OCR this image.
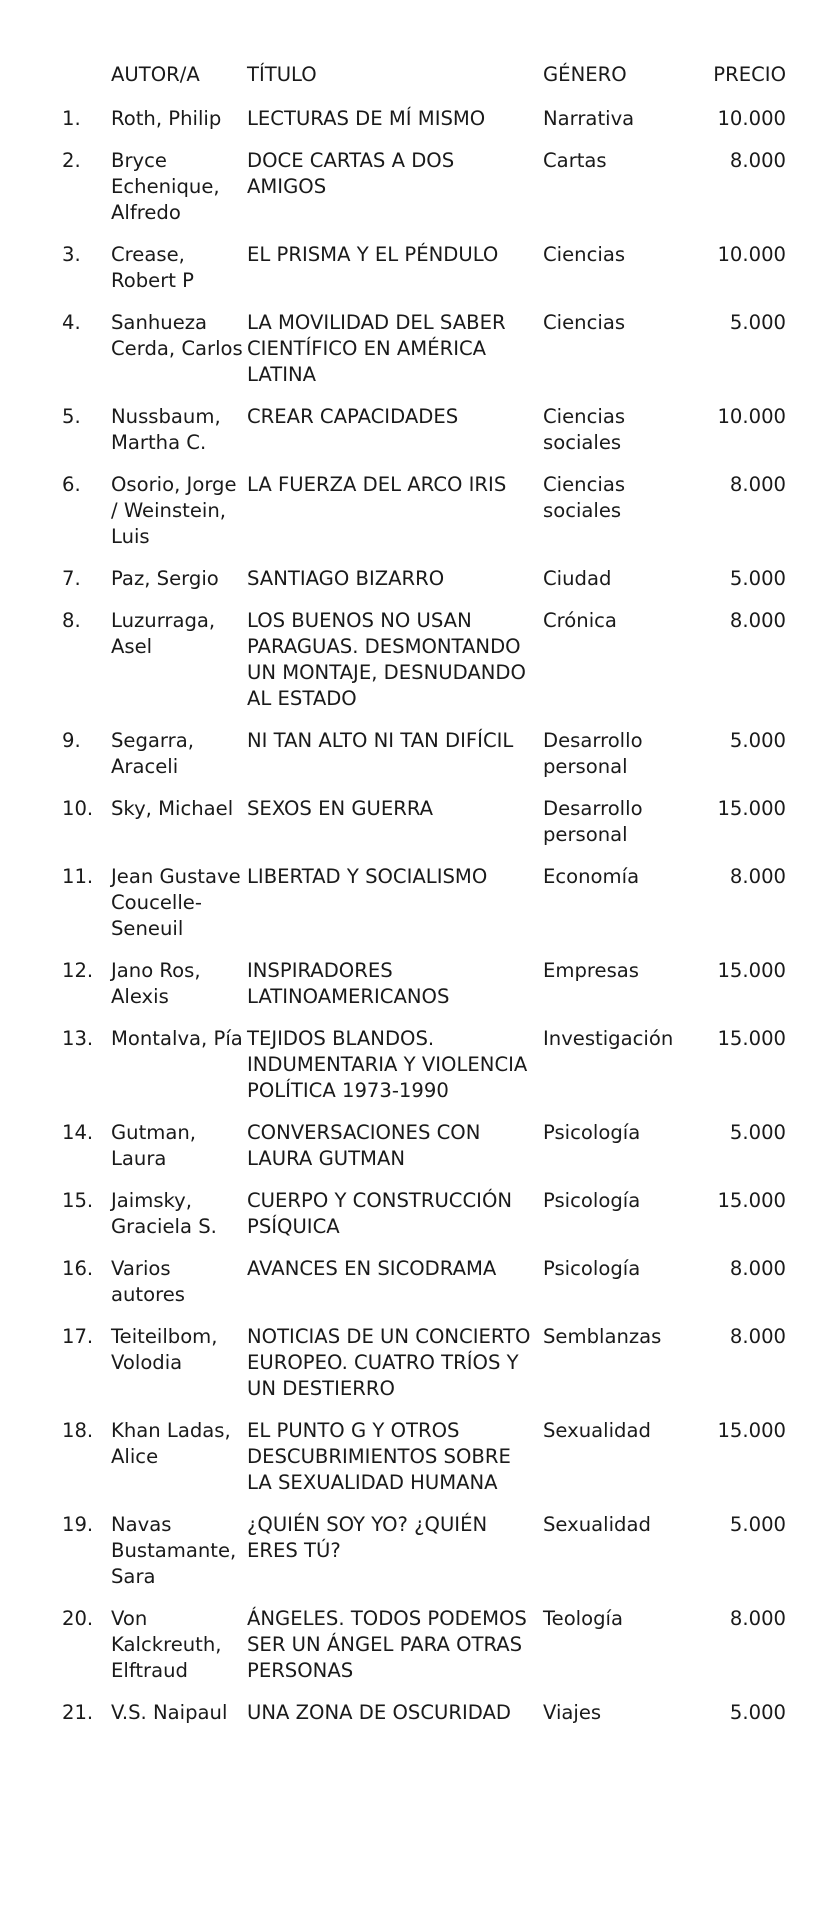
	AUTOR/A	TÍTULO	GÉNERO	PRECIO
1.	Roth, Philip	LECTURAS DE MÍ MISMO	Narrativa	10.000
2.	Bryce Echenique, Alfredo	DOCE CARTAS A DOS AMIGOS	Cartas	8.000
3.	Crease, Robert P	EL PRISMA Y EL PÉNDULO	Ciencias	10.000
4.	Sanhueza Cerda, Carlos	LA MOVILIDAD DEL SABER CIENTÍFICO EN AMÉRICA LATINA	Ciencias	5.000
5.	Nussbaum, Martha C.	CREAR CAPACIDADES	Ciencias sociales	10.000
6.	Osorio, Jorge / Weinstein, Luis	LA FUERZA DEL ARCO IRIS	Ciencias sociales	8.000
7.	Paz, Sergio	SANTIAGO BIZARRO	Ciudad	5.000
8.	Luzurraga, Asel	LOS BUENOS NO USAN PARAGUAS. DESMONTANDO UN MONTAJE, DESNUDANDO AL ESTADO	Crónica	8.000
9.	Segarra, Araceli	NI TAN ALTO NI TAN DIFÍCIL	Desarrollo personal	5.000
10.	Sky, Michael	SEXOS EN GUERRA	Desarrollo personal	15.000
11.	Jean Gustave Coucelle-Seneuil	LIBERTAD Y SOCIALISMO	Economía	8.000
12.	Jano Ros, Alexis	INSPIRADORES LATINOAMERICANOS	Empresas	15.000
13.	Montalva, Pía	TEJIDOS BLANDOS. INDUMENTARIA Y VIOLENCIA POLÍTICA 1973-1990	Investigación	15.000
14.	Gutman, Laura	CONVERSACIONES CON LAURA GUTMAN	Psicología	5.000
15.	Jaimsky, Graciela S.	CUERPO Y CONSTRUCCIÓN PSÍQUICA	Psicología	15.000
16.	Varios autores	AVANCES EN SICODRAMA	Psicología	8.000
17.	Teiteilbom, Volodia	NOTICIAS DE UN CONCIERTO EUROPEO. CUATRO TRÍOS Y UN DESTIERRO	Semblanzas	8.000
18.	Khan Ladas, Alice	EL PUNTO G Y OTROS DESCUBRIMIENTOS SOBRE LA SEXUALIDAD HUMANA	Sexualidad	15.000
19.	Navas Bustamante, Sara	¿QUIÉN SOY YO? ¿QUIÉN ERES TÚ?	Sexualidad	5.000
20.	Von Kalckreuth, Elftraud	ÁNGELES. TODOS PODEMOS SER UN ÁNGEL PARA OTRAS PERSONAS	Teología	8.000
21.	V.S. Naipaul	UNA ZONA DE OSCURIDAD	Viajes	5.000
